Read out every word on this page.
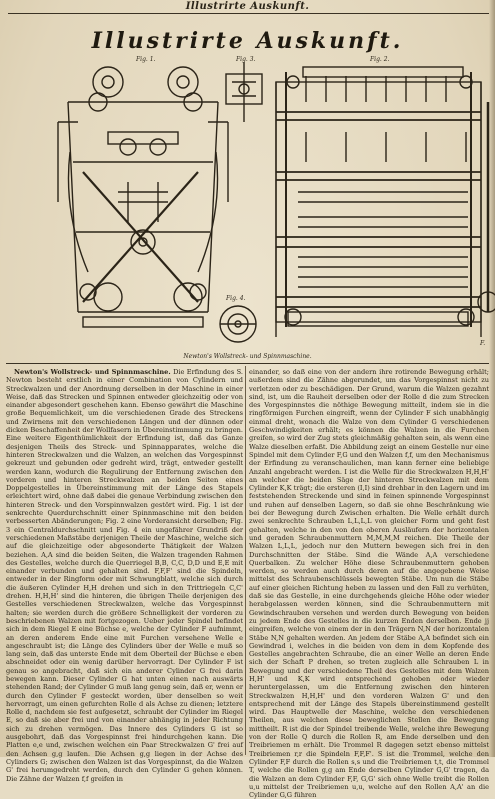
Illustrirte Auskunft.
Illustrirte Auskunft.
Fig. 1.	Fig. 3.	Fig. 2.
Fig. 4.
F.
Newton's Wollstreck- und Spinnmaschine.

Newton's Wollstreck- und Spinnmaschine. Die Erfindung des S. Newton besteht erstlich in einer Combination von Cylindern und Streckwalzen und der Anordnung derselben in der Maschine in einer Weise, daß das Strecken und Spinnen entweder gleichzeitig oder von einander abgesondert geschehen kann. Ebenso gewährt die Maschine große Bequemlichkeit, um die verschiedenen Grade des Streckens und Zwirnens mit den verschiedenen Längen und der dünnen oder dicken Beschaffenheit der Wollfasern in Übereinstimmung zu bringen. Eine weitere Eigenthümlichkeit der Erfindung ist, daß das Ganze desjenigen Theils des Streck- und Spinnapparates, welche die hinteren Streckwalzen und die Walzen, an welchen das Vorgespinnst gekreuzt und gebunden oder gedreht wird, trägt, entweder gestellt werden kann, wodurch die Regulirung der Entfernung zwischen den vorderen und hinteren Streckwalzen an beiden Seiten eines Doppelgestelles in Übereinstimmung mit der Länge des Stapels erleichtert wird, ohne daß dabei die genaue Verbindung zwischen den hinteren Streck- und den Vorspinnwalzen gestört wird. Fig. 1 ist der senkrechte Querdurchschnitt einer Spinnmaschine mit den beiden verbesserten Abänderungen; Fig. 2 eine Vorderansicht derselben; Fig. 3 ein Centraldurchschnitt und Fig. 4 ein ungefährer Grundriß der verschiedenen Maßstäbe derjenigen Theile der Maschine, welche sich auf die gleichzeitige oder abgesonderte Thätigkeit der Walzen beziehen. A,A sind die beiden Seiten, die Walzen tragenden Rahmen des Gestelles, welche durch die Querriegel B,B, C,C, D,D und E,E mit einander verbunden und gehalten sind. F,F,F' sind die Spindeln, entweder in der Ringform oder mit Schwungblatt, welche sich durch die äußeren Cylinder H,H drehen und sich in den Trittriegeln C,C' drehen. H,H,H' sind die hinteren, die übrigen Theile derjenigen des Gestelles verschiedenen Streckwalzen, welche das Vorgespinnst halten; sie werden durch die größere Schnelligkeit der vorderen zu beschriebenen Walzen mit fortgezogen. Ueber jeder Spindel befindet sich in dem Riegel E eine Büchse e, welche der Cylinder F aufnimmt, an deren anderem Ende eine mit Furchen versehene Welle e angeschraubt ist; die Länge des Cylinders über der Welle e muß so lang sein, daß das unterste Ende mit dem Oberteil der Büchse e eben abschneidet oder ein wenig darüber hervorragt. Der Cylinder F ist genau so angebracht, daß sich ein anderer Cylinder G frei darin bewegen kann. Dieser Cylinder G hat unten einen nach auswärts stehenden Rand; der Cylinder G muß lang genug sein, daß er, wenn er durch den Cylinder F gesteckt worden, über denselben so weit hervorragt, um einen gefurchten Rolle d als Achse zu dienen; letztere Rolle d, nachdem sie fest aufgesetzt, schraubt der Cylinder im Riegel E, so daß sie aber frei und von einander abhängig in jeder Richtung sich zu drehen vermögen. Das Innere des Cylinders G ist so ausgebohrt, daß das Vorgespinnst frei hindurchgehen kann. Die Platten e,e und, zwischen welchen ein Paar Streckwalzen G' frei auf den Achsen g,g laufen. Die Achsen g,g liegen in der Achse des Cylinders G; zwischen den Walzen ist das Vorgespinnst, da die Walzen G' frei herumgedreht werden, durch den Cylinder G gehen können. Die Zähne der Walzen f,f greifen in

einander, so daß eine von der andern ihre rotirende Bewegung erhält; außerdem sind die Zähne abgerundet, um das Vorgespinnst nicht zu verletzen oder zu beschädigen. Der Grund, warum die Walzen gezahnt sind, ist, um die Rauheit derselben oder der Rolle d die zum Strecken des Vorgespinnstes die nöthige Bewegung mitteilt, indem sie in die ringförmigen Furchen eingreift, wenn der Cylinder F sich unabhängig einmal dreht, wonach die Walze von dem Cylinder G verschiedenen Geschwindigkeiten erhält; es können die Walzen in die Furchen greifen, so wird der Zug stets gleichmäßig gehalten sein, als wenn eine Walze dieselben erfaßt. Die Abbildung zeigt an einem Gestelle nur eine Spindel mit dem Cylinder F,G und den Walzen f,f, um den Mechanismus der Erfindung zu veranschaulichen, man kann ferner eine beliebige Anzahl angebracht werden. I ist die Welle für die Streckwalzen H,H,H' an welcher die beiden Säge der hinteren Streckwalzen mit dem Cylinder K,K trägt; die ersteren (I,I) sind drehbar in den Lagern und im feststehenden Streckende und sind in feinen spinnende Vorgespinnst und ruhen auf denselben Lagern, so daß sie ohne Beschränkung wie bei der Bewegung durch Zwischen erhalten. Die Welle erhält durch zwei senkrechte Schrauben L,L,L,L von gleicher Form und geht fest gehalten, welche in den von den oberen Ausläufern der horizontalen und geraden Schraubenmuttern M,M,M,M reichen. Die Theile der Walzen L,L,L, jedoch nur den Muttern bewegen sich frei in den Durchschnitten der Stäbe. Sind die Wände A,A verschiedene Querbalken. Zu welcher Höhe diese Schraubenmuttern gehoben werden, so werden auch durch deren auf die angegebene Weise mittelst des Schraubenschlüssels bewegten Stäbe. Um nun die Stäbe auf einer gleichen Richtung heben zu lassen und den Fall zu verhüten, daß sie das Gestelle, in eine durchgehends gleiche Höhe oder wieder herabgelassen werden können, sind die Schraubenmuttern mit Gewindschrauben versehen und werden durch Bewegung von beiden zu jedem Ende des Gestelles in die kurzen Enden derselben. Ende jj eingreifen, welche von einem der in den Trägern N,N der horizontalen Stäbe N,N gehalten werden. An jedem der Stäbe A,A befindet sich ein Gewindrad i, welches in die beiden von dem in dem Kopfende des Gestelles angebrachten Schraube, die an einer Welle an deren Ende sich der Schaft P drehen, so treten zugleich alle Schrauben L in Bewegung und der verschiedene Theil des Gestelles mit dem Walzen H,H' und K,K wird entsprechend gehoben oder wieder heruntergelassen, um die Entfernung zwischen den hinteren Streckwalzen H,H,H' und den vorderen Walzen G' und den entsprechend mit der Länge des Stapels übereinstimmend gestellt wird. Das Hauptwelle der Maschine, welche den verschiedenen Theilen, aus welchen diese beweglichen Stellen die Bewegung mittheilt. R ist die der Spindel treibende Welle, welche ihre Bewegung von der Rolle Q durch die Rollen R, am Ende derselben und den Treibriemen m erhält. Die Trommel R dagegen setzt ebenso mittelst Treibriemen r,r die Spindeln F,F,F'. S ist die Trommel, welche den Cylinder F,F durch die Rollen s,s und die Treibriemen t,t, die Trommel T, welche die Rollen g,g am Ende derselben Cylinder G,G' tragen, da die Walzen an dem Cylinder F,F, G,G' sich ohne Welle treibt die Rollen u,u mittelst der Treibriemen u,u, welche auf den Rollen A,A' an die Cylinder G,G führen
